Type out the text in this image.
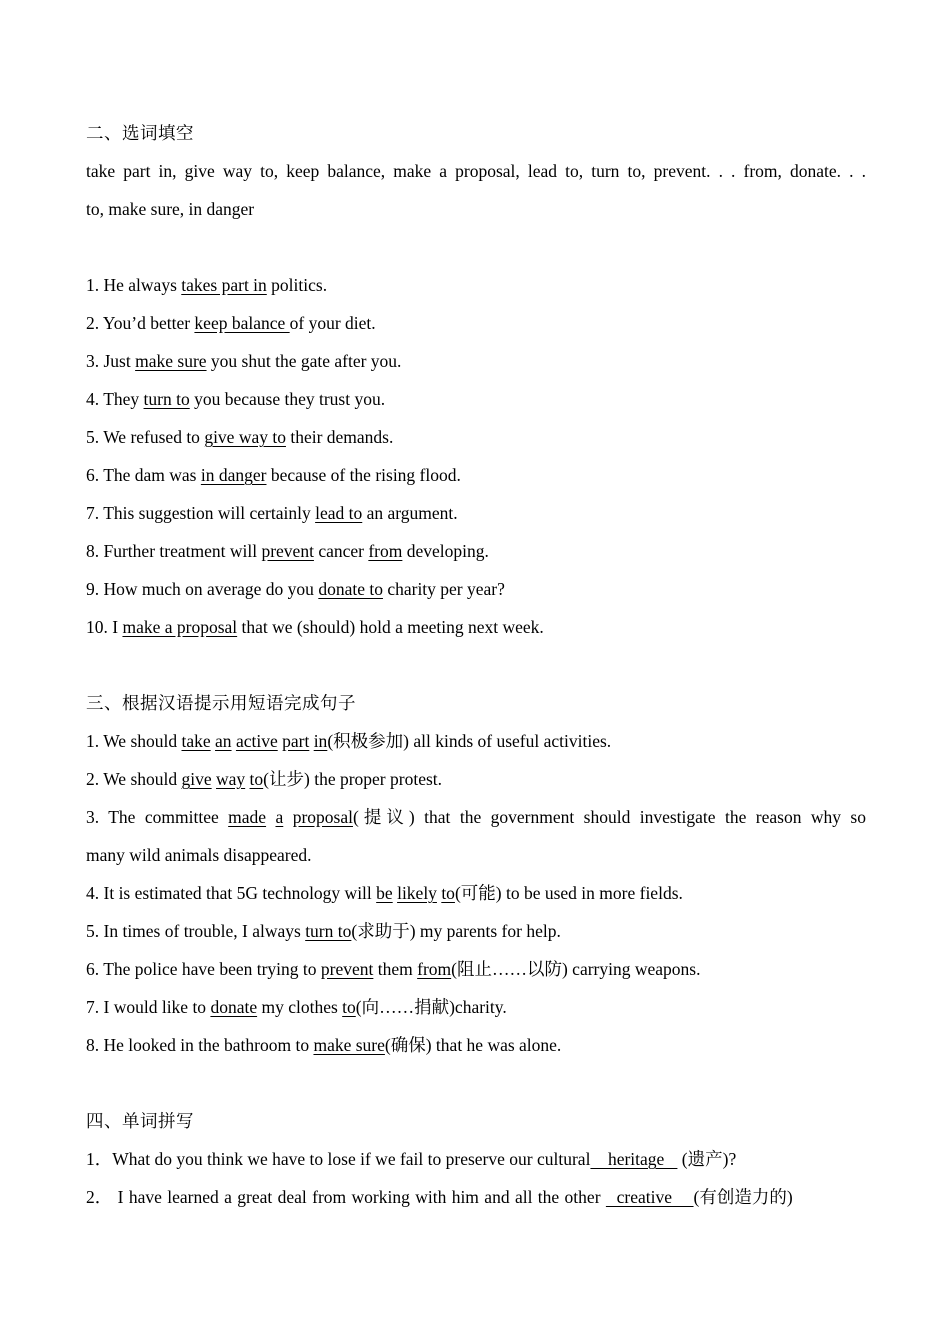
二、选词填空
take part in, give way to, keep balance, make a proposal, lead to, turn to, prevent. . . from, donate. . .
to, make sure, in danger
1. He always takes part in politics.
2. You’d better keep balance of your diet.
3. Just make sure you shut the gate after you.
4. They turn to you because they trust you.
5. We refused to give way to their demands.
6. The dam was in danger because of the rising flood.
7. This suggestion will certainly lead to an argument.
8. Further treatment will prevent cancer from developing.
9. How much on average do you donate to charity per year?
10. I make a proposal that we (should) hold a meeting next week.
三、根据汉语提示用短语完成句子
1. We should take an active part in(积极参加) all kinds of useful activities.
2. We should give way to(让步) the proper protest.
3. The committee made a proposal(提议) that the government should investigate the reason why so
many wild animals disappeared.
4. It is estimated that 5G technology will be likely to(可能) to be used in more fields.
5. In times of trouble, I always turn to(求助于) my parents for help.
6. The police have been trying to prevent them from(阻止……以防) carrying weapons.
7. I would like to donate my clothes to(向……捐献)charity.
8. He looked in the bathroom to make sure(确保) that he was alone.
四、单词拼写
1．What do you think we have to lose if we fail to preserve our cultural    heritage    (遗产)?
2． I have learned a great deal from working with him and all the other   creative    (有创造力的)
